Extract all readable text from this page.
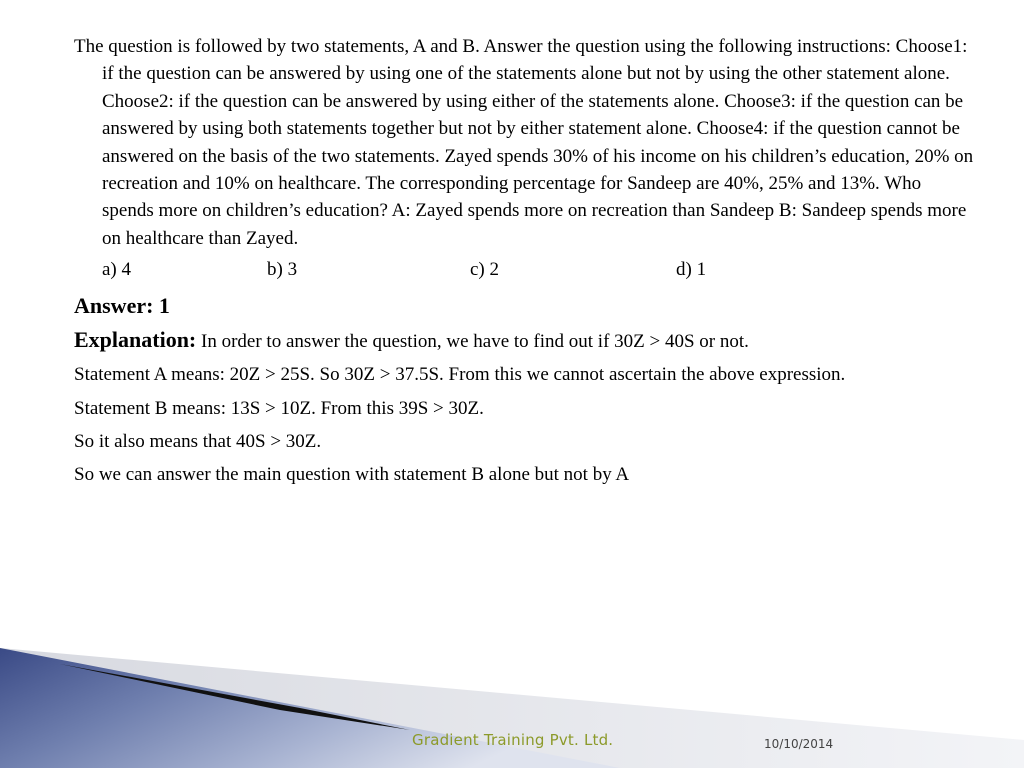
The question is followed by two statements, A and B. Answer the question using the following instructions: Choose1: if the question can be answered by using one of the statements alone but not by using the other statement alone. Choose2: if the question can be answered by using either of the statements alone. Choose3: if the question can be answered by using both statements together but not by either statement alone. Choose4: if the question cannot be answered on the basis of the two statements. Zayed spends 30% of his income on his children’s education, 20% on recreation and 10% on healthcare. The corresponding percentage for Sandeep are 40%, 25% and 13%. Who spends more on children’s education? A: Zayed spends more on recreation than Sandeep B: Sandeep spends more on healthcare than Zayed.

a) 4	b) 3	c) 2	d) 1

Answer: 1

Explanation: In order to answer the question, we have to find out if 30Z > 40S or not.

Statement A means: 20Z > 25S. So 30Z > 37.5S. From this we cannot ascertain the above expression.

Statement B means: 13S > 10Z. From this 39S > 30Z.

So it also means that 40S > 30Z.

So we can answer the main question with statement B alone but not by A

Gradient Training Pvt. Ltd.	10/10/2014
